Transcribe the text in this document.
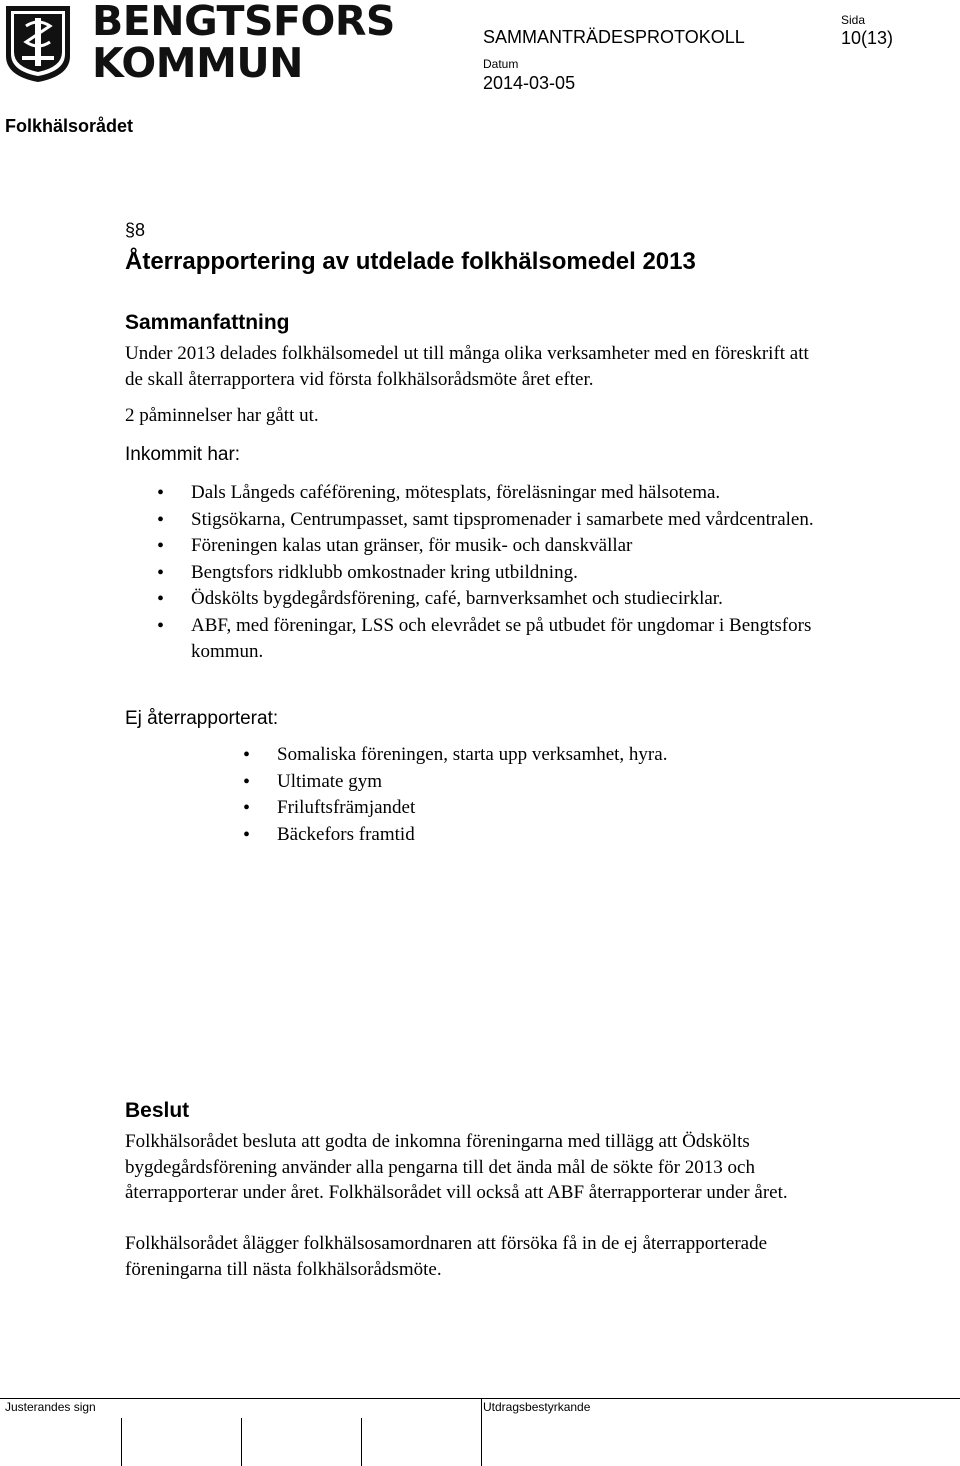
BENGTSFORS
KOMMUN
SAMMANTRÄDESPROTOKOLL
Sida
10(13)
Datum
2014-03-05
Folkhälsorådet
§8
Återrapportering av utdelade folkhälsomedel 2013
Sammanfattning
Under 2013 delades folkhälsomedel ut till många olika verksamheter med en föreskrift att de skall återrapportera vid första folkhälsorådsmöte året efter.
2 påminnelser har gått ut.
Inkommit har:
• Dals Långeds caféförening, mötesplats, föreläsningar med hälsotema.
• Stigsökarna, Centrumpasset, samt tipspromenader i samarbete med vårdcentralen.
• Föreningen kalas utan gränser, för musik- och danskvällar
• Bengtsfors ridklubb omkostnader kring utbildning.
• Ödskölts bygdegårdsförening, café, barnverksamhet och studiecirklar.
• ABF, med föreningar, LSS och elevrådet se på utbudet för ungdomar i Bengtsfors kommun.
Ej återrapporterat:
• Somaliska föreningen, starta upp verksamhet, hyra.
• Ultimate gym
• Friluftsfrämjandet
• Bäckefors framtid
Beslut
Folkhälsorådet besluta att godta de inkomna föreningarna med tillägg att Ödskölts bygdegårdsförening använder alla pengarna till det ända mål de sökte för 2013 och återrapporterar under året. Folkhälsorådet vill också att ABF återrapporterar under året.
Folkhälsorådet ålägger folkhälsosamordnaren att försöka få in de ej återrapporterade föreningarna till nästa folkhälsorådsmöte.
Justerandes sign	Utdragsbestyrkande
